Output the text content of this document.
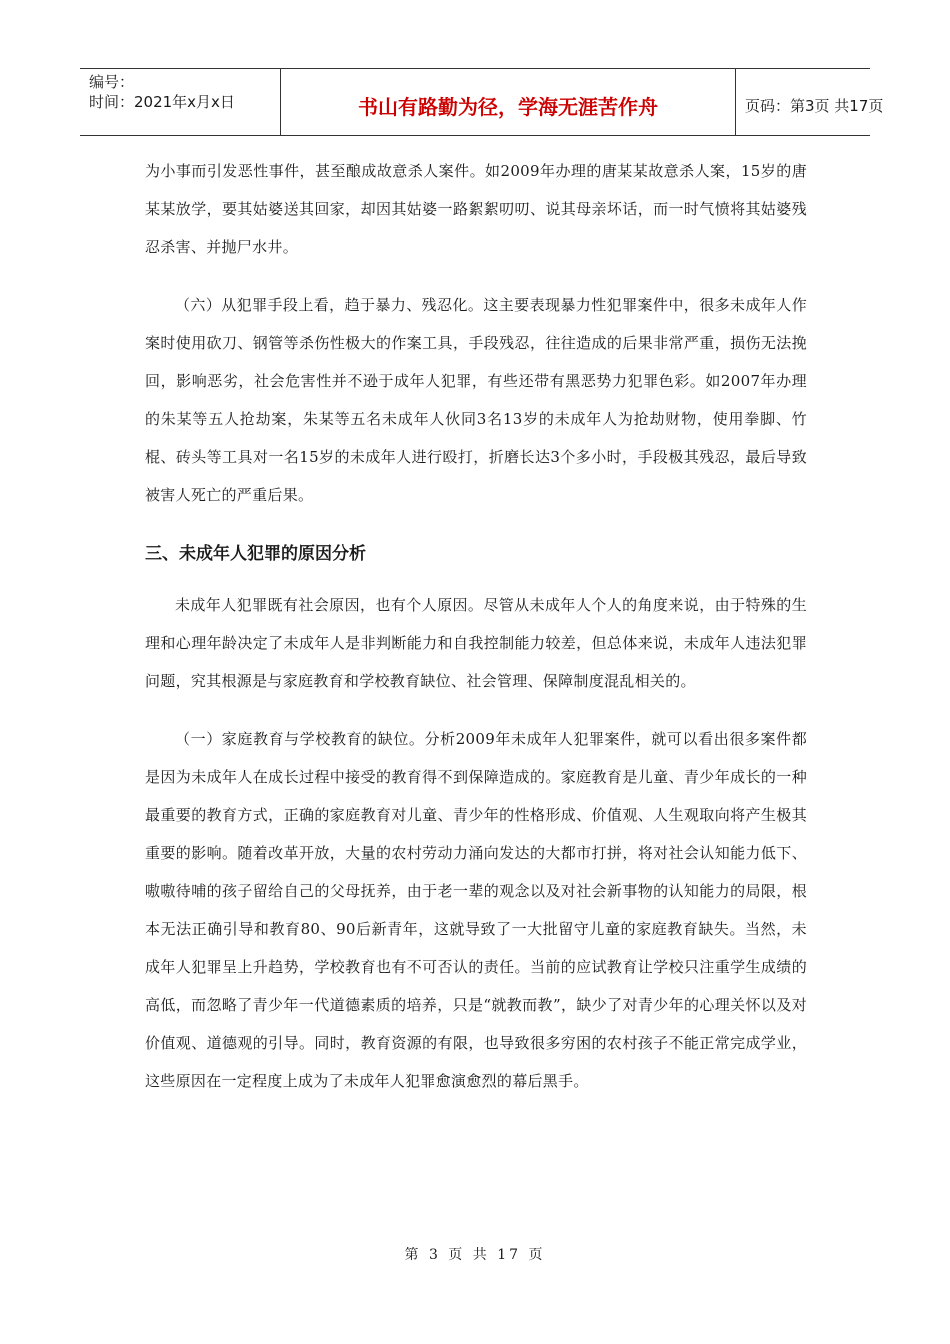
编号：
时间：2021年x月x日	书山有路勤为径，学海无涯苦作舟	页码：第3页 共17页

为小事而引发恶性事件，甚至酿成故意杀人案件。如2009年办理的唐某某故意杀人案，15岁的唐某某放学，要其姑婆送其回家，却因其姑婆一路絮絮叨叨、说其母亲坏话，而一时气愤将其姑婆残忍杀害、并抛尸水井。

（六）从犯罪手段上看，趋于暴力、残忍化。这主要表现暴力性犯罪案件中，很多未成年人作案时使用砍刀、钢管等杀伤性极大的作案工具，手段残忍，往往造成的后果非常严重，损伤无法挽回，影响恶劣，社会危害性并不逊于成年人犯罪，有些还带有黑恶势力犯罪色彩。如2007年办理的朱某等五人抢劫案，朱某等五名未成年人伙同3名13岁的未成年人为抢劫财物，使用拳脚、竹棍、砖头等工具对一名15岁的未成年人进行殴打，折磨长达3个多小时，手段极其残忍，最后导致被害人死亡的严重后果。

三、未成年人犯罪的原因分析

未成年人犯罪既有社会原因，也有个人原因。尽管从未成年人个人的角度来说，由于特殊的生理和心理年龄决定了未成年人是非判断能力和自我控制能力较差，但总体来说，未成年人违法犯罪问题，究其根源是与家庭教育和学校教育缺位、社会管理、保障制度混乱相关的。

（一）家庭教育与学校教育的缺位。分析2009年未成年人犯罪案件，就可以看出很多案件都是因为未成年人在成长过程中接受的教育得不到保障造成的。家庭教育是儿童、青少年成长的一种最重要的教育方式，正确的家庭教育对儿童、青少年的性格形成、价值观、人生观取向将产生极其重要的影响。随着改革开放，大量的农村劳动力涌向发达的大都市打拼，将对社会认知能力低下、嗷嗷待哺的孩子留给自己的父母抚养，由于老一辈的观念以及对社会新事物的认知能力的局限，根本无法正确引导和教育80、90后新青年，这就导致了一大批留守儿童的家庭教育缺失。当然，未成年人犯罪呈上升趋势，学校教育也有不可否认的责任。当前的应试教育让学校只注重学生成绩的高低，而忽略了青少年一代道德素质的培养，只是“就教而教”，缺少了对青少年的心理关怀以及对价值观、道德观的引导。同时，教育资源的有限，也导致很多穷困的农村孩子不能正常完成学业，这些原因在一定程度上成为了未成年人犯罪愈演愈烈的幕后黑手。

第 3 页 共 17 页
